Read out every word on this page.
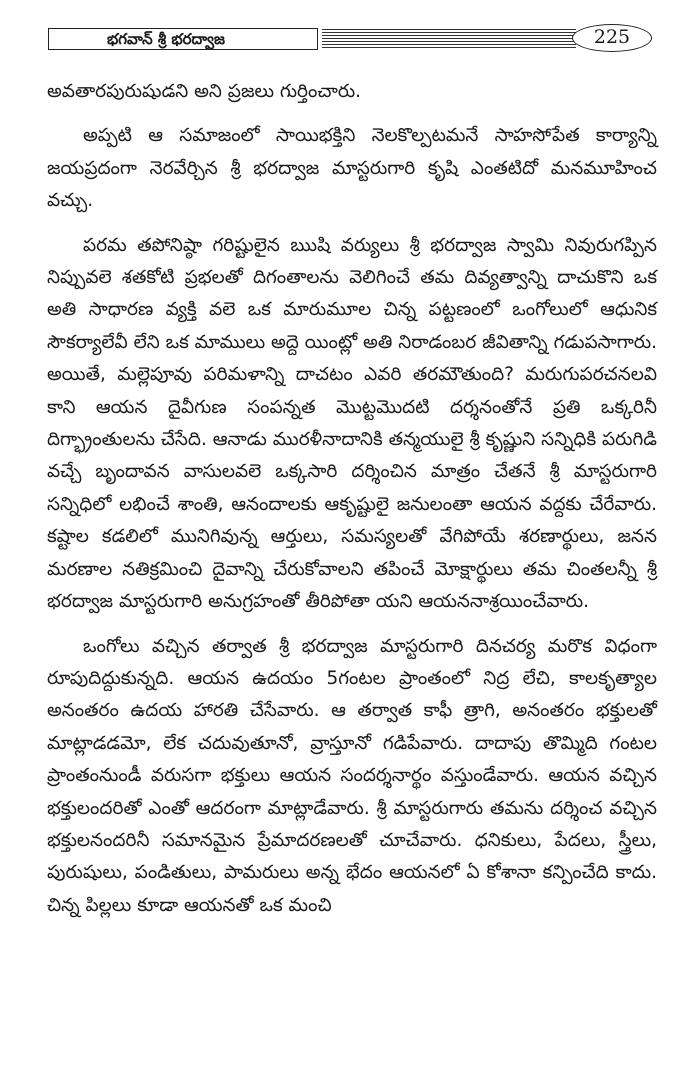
భగవాన్ శ్రీ భరద్వాజ	225

అవతారపురుషుడని అని ప్రజలు గుర్తించారు.

అప్పటి ఆ సమాజంలో సాయిభక్తిని నెలకొల్పటమనే సాహసోపేత కార్యాన్ని జయప్రదంగా నెరవేర్చిన శ్రీ భరద్వాజ మాస్టరుగారి కృషి ఎంతటిదో మనమూహించ వచ్చు.

పరమ తపోనిష్ఠా గరిష్టులైన ఋషి వర్యులు శ్రీ భరద్వాజ స్వామి నివురుగప్పిన నిప్పువలె శతకోటి ప్రభలతో దిగంతాలను వెలిగించే తమ దివ్యత్వాన్ని దాచుకొని ఒక అతి సాధారణ వ్యక్తి వలె ఒక మారుమూల చిన్న పట్టణంలో ఒంగోలులో ఆధునిక సౌకర్యాలేవీ లేని ఒక మాములు అద్దె యింట్లో అతి నిరాడంబర జీవితాన్ని గడుపసాగారు. అయితే, మల్లెపూవు పరిమళాన్ని దాచటం ఎవరి తరమౌతుంది? మరుగుపరచనలవి కాని ఆయన దైవీగుణ సంపన్నత మొట్టమొదటి దర్శనంతోనే ప్రతి ఒక్కరినీ దిగ్భ్రాంతులను చేసేది. ఆనాడు మురళీనాదానికి తన్మయులై శ్రీ కృష్ణుని సన్నిధికి పరుగిడి వచ్చే బృందావన వాసులవలె ఒక్కసారి దర్శించిన మాత్రం చేతనే శ్రీ మాస్టరుగారి సన్నిధిలో లభించే శాంతి, ఆనందాలకు ఆకృష్టులై జనులంతా ఆయన వద్దకు చేరేవారు. కష్టాల కడలిలో మునిగివున్న ఆర్తులు, సమస్యలతో వేగిపోయే శరణార్థులు, జనన మరణాల నతిక్రమించి దైవాన్ని చేరుకోవాలని తపించే మోక్షార్థులు తమ చింతలన్నీ శ్రీ భరద్వాజ మాస్టరుగారి అనుగ్రహంతో తీరిపోతా యని ఆయననాశ్రయించేవారు.

ఒంగోలు వచ్చిన తర్వాత శ్రీ భరద్వాజ మాస్టరుగారి దినచర్య మరొక విధంగా రూపుదిద్దుకున్నది. ఆయన ఉదయం 5గంటల ప్రాంతంలో నిద్ర లేచి, కాలకృత్యాల అనంతరం ఉదయ హారతి చేసేవారు. ఆ తర్వాత కాఫీ త్రాగి, అనంతరం భక్తులతో మాట్లాడడమో, లేక చదువుతూనో, వ్రాస్తూనో గడిపేవారు. దాదాపు తొమ్మిది గంటల ప్రాంతంనుండీ వరుసగా భక్తులు ఆయన సందర్శనార్థం వస్తుండేవారు. ఆయన వచ్చిన భక్తులందరితో ఎంతో ఆదరంగా మాట్లాడేవారు. శ్రీ మాస్టరుగారు తమను దర్శించ వచ్చిన భక్తులనందరినీ సమానమైన ప్రేమాదరణలతో చూచేవారు. ధనికులు, పేదలు, స్త్రీలు, పురుషులు, పండితులు, పామరులు అన్న భేదం ఆయనలో ఏ కోశానా కన్పించేది కాదు. చిన్న పిల్లలు కూడా ఆయనతో ఒక మంచి
